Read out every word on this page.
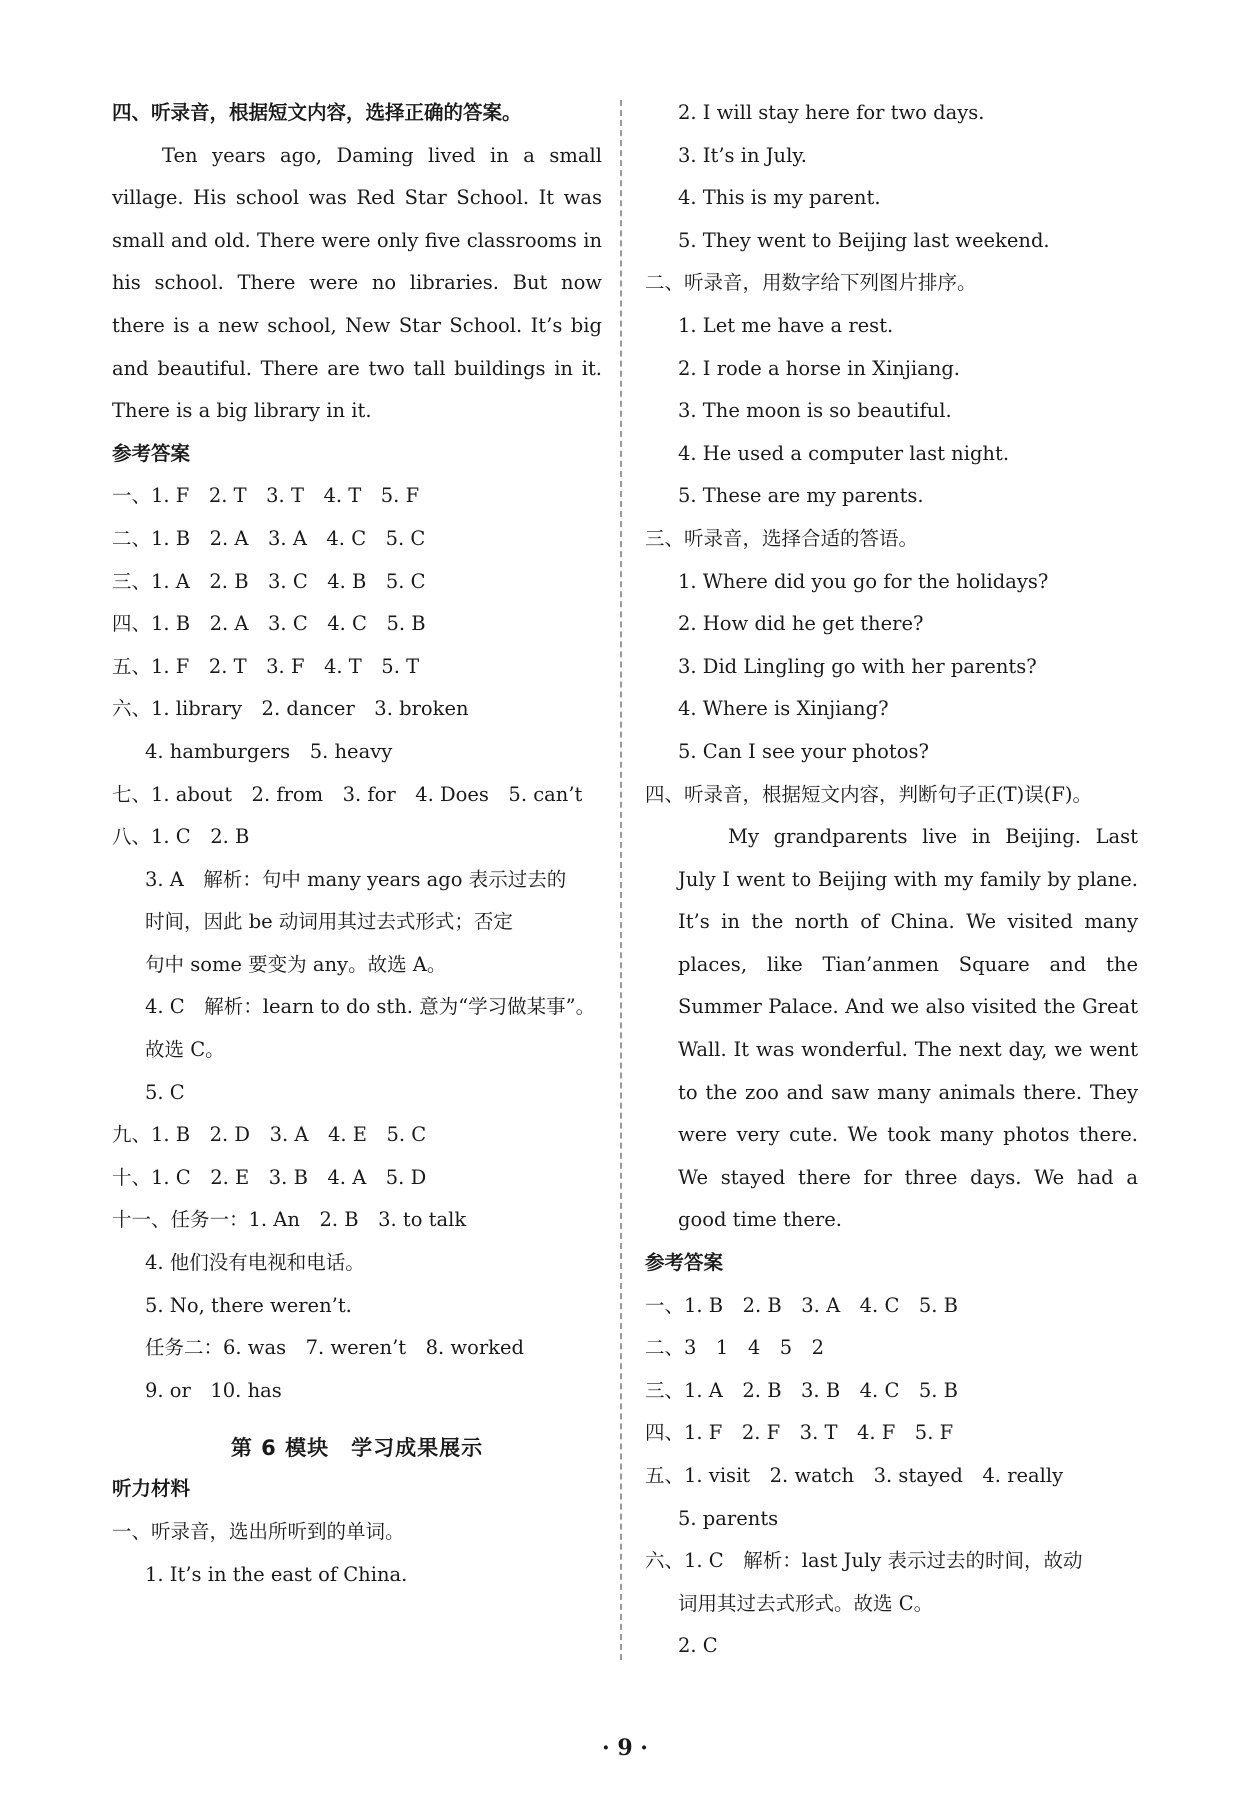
四、听录音，根据短文内容，选择正确的答案。

Ten years ago, Daming lived in a small village. His school was Red Star School. It was small and old. There were only five classrooms in his school. There were no libraries. But now there is a new school, New Star School. It’s big and beautiful. There are two tall buildings in it. There is a big library in it.

参考答案
一、1. F　2. T　3. T　4. T　5. F
二、1. B　2. A　3. A　4. C　5. C
三、1. A　2. B　3. C　4. B　5. C
四、1. B　2. A　3. C　4. C　5. B
五、1. F　2. T　3. F　4. T　5. T
六、1. library　2. dancer　3. broken
4. hamburgers　5. heavy
七、1. about　2. from　3. for　4. Does　5. can’t
八、1. C　2. B
3. A　解析：句中 many years ago 表示过去的
时间，因此 be 动词用其过去式形式；否定
句中 some 要变为 any。故选 A。
4. C　解析：learn to do sth. 意为“学习做某事”。
故选 C。
5. C
九、1. B　2. D　3. A　4. E　5. C
十、1. C　2. E　3. B　4. A　5. D
十一、任务一：1. An　2. B　3. to talk
4. 他们没有电视和电话。
5. No, there weren’t.
任务二：6. was　7. weren’t　8. worked
9. or　10. has
第 6 模块　学习成果展示
听力材料
一、听录音，选出所听到的单词。
1. It’s in the east of China.
2. I will stay here for two days.
3. It’s in July.
4. This is my parent.
5. They went to Beijing last weekend.
二、听录音，用数字给下列图片排序。
1. Let me have a rest.
2. I rode a horse in Xinjiang.
3. The moon is so beautiful.
4. He used a computer last night.
5. These are my parents.
三、听录音，选择合适的答语。
1. Where did you go for the holidays?
2. How did he get there?
3. Did Lingling go with her parents?
4. Where is Xinjiang?
5. Can I see your photos?
四、听录音，根据短文内容，判断句子正(T)误(F)。

My grandparents live in Beijing. Last July I went to Beijing with my family by plane. It’s in the north of China. We visited many places, like Tian’anmen Square and the Summer Palace. And we also visited the Great Wall. It was wonderful. The next day, we went to the zoo and saw many animals there. They were very cute. We took many photos there. We stayed there for three days. We had a good time there.

参考答案
一、1. B　2. B　3. A　4. C　5. B
二、3　1　4　5　2
三、1. A　2. B　3. B　4. C　5. B
四、1. F　2. F　3. T　4. F　5. F
五、1. visit　2. watch　3. stayed　4. really
5. parents
六、1. C　解析：last July 表示过去的时间，故动
词用其过去式形式。故选 C。
2. C
· 9 ·
